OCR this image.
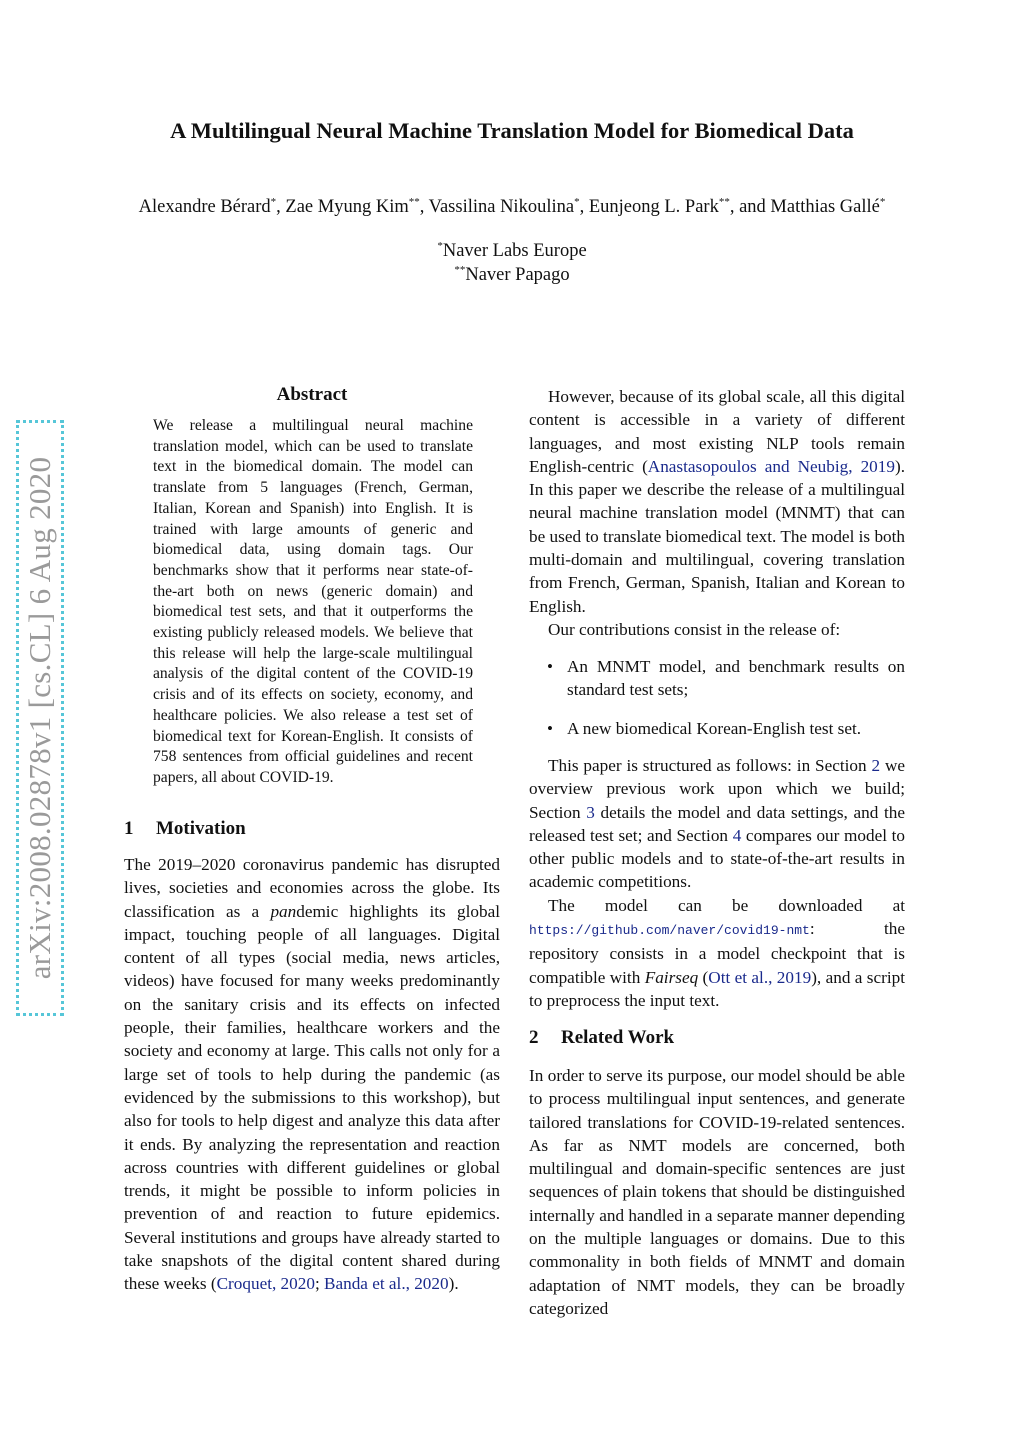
arXiv:2008.02878v1 [cs.CL] 6 Aug 2020
A Multilingual Neural Machine Translation Model for Biomedical Data
Alexandre Bérard*, Zae Myung Kim**, Vassilina Nikoulina*, Eunjeong L. Park**, and Matthias Gallé*
*Naver Labs Europe
**Naver Papago
Abstract

We release a multilingual neural machine translation model, which can be used to translate text in the biomedical domain. The model can translate from 5 languages (French, German, Italian, Korean and Spanish) into English. It is trained with large amounts of generic and biomedical data, using domain tags. Our benchmarks show that it performs near state-of-the-art both on news (generic domain) and biomedical test sets, and that it outperforms the existing publicly released models. We believe that this release will help the large-scale multilingual analysis of the digital content of the COVID-19 crisis and of its effects on society, economy, and healthcare policies. We also release a test set of biomedical text for Korean-English. It consists of 758 sentences from official guidelines and recent papers, all about COVID-19.

1 Motivation

The 2019–2020 coronavirus pandemic has disrupted lives, societies and economies across the globe. Its classification as a pandemic highlights its global impact, touching people of all languages. Digital content of all types (social media, news articles, videos) have focused for many weeks predominantly on the sanitary crisis and its effects on infected people, their families, healthcare workers and the society and economy at large. This calls not only for a large set of tools to help during the pandemic (as evidenced by the submissions to this workshop), but also for tools to help digest and analyze this data after it ends. By analyzing the representation and reaction across countries with different guidelines or global trends, it might be possible to inform policies in prevention of and reaction to future epidemics. Several institutions and groups have already started to take snapshots of the digital content shared during these weeks (Croquet, 2020; Banda et al., 2020).

However, because of its global scale, all this digital content is accessible in a variety of different languages, and most existing NLP tools remain English-centric (Anastasopoulos and Neubig, 2019). In this paper we describe the release of a multilingual neural machine translation model (MNMT) that can be used to translate biomedical text. The model is both multi-domain and multilingual, covering translation from French, German, Spanish, Italian and Korean to English.

Our contributions consist in the release of:

• An MNMT model, and benchmark results on standard test sets;
• A new biomedical Korean-English test set.

This paper is structured as follows: in Section 2 we overview previous work upon which we build; Section 3 details the model and data settings, and the released test set; and Section 4 compares our model to other public models and to state-of-the-art results in academic competitions.

The model can be downloaded at https://github.com/naver/covid19-nmt: the repository consists in a model checkpoint that is compatible with Fairseq (Ott et al., 2019), and a script to preprocess the input text.

2 Related Work

In order to serve its purpose, our model should be able to process multilingual input sentences, and generate tailored translations for COVID-19-related sentences. As far as NMT models are concerned, both multilingual and domain-specific sentences are just sequences of plain tokens that should be distinguished internally and handled in a separate manner depending on the multiple languages or domains. Due to this commonality in both fields of MNMT and domain adaptation of NMT models, they can be broadly categorized
